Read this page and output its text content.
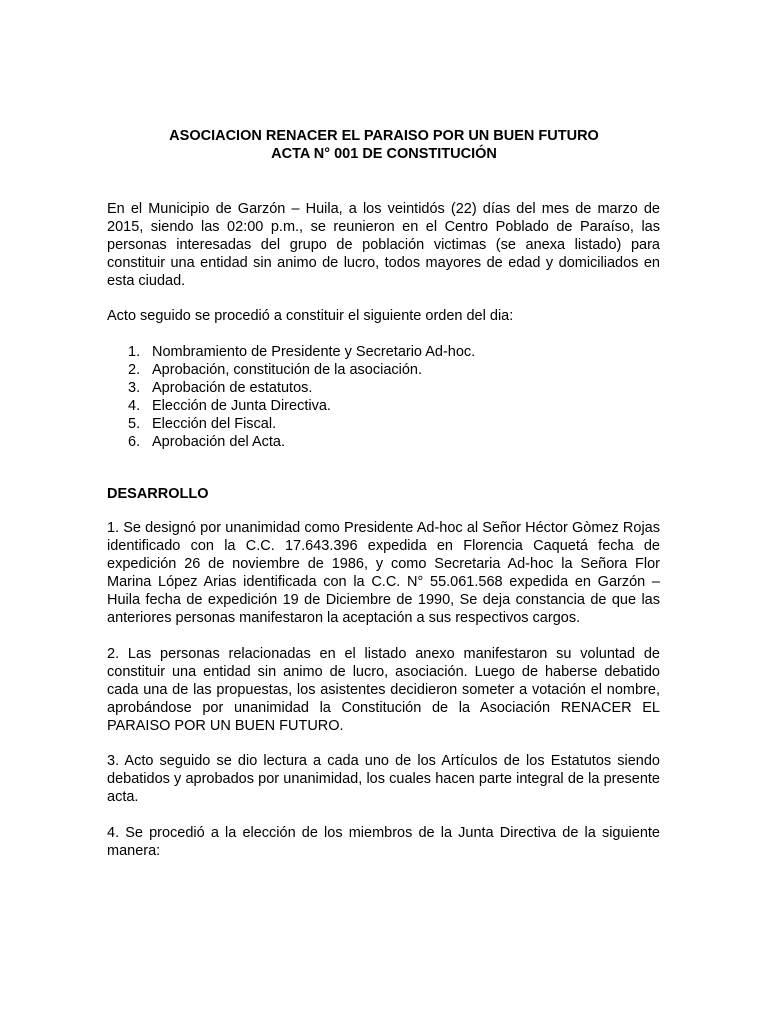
ASOCIACION RENACER EL PARAISO POR UN BUEN FUTURO
ACTA N° 001 DE CONSTITUCIÓN
En el Municipio de Garzón – Huila, a los veintidós (22) días del mes de marzo de 2015, siendo las 02:00 p.m., se reunieron en el Centro Poblado de Paraíso, las personas interesadas del grupo de población victimas (se anexa listado) para constituir una entidad sin animo de lucro, todos mayores de edad y domiciliados en esta ciudad.
Acto seguido se procedió a constituir el siguiente orden del dia:
1. Nombramiento de Presidente y Secretario Ad-hoc.
2. Aprobación, constitución de la asociación.
3. Aprobación de estatutos.
4. Elección de Junta Directiva.
5. Elección del Fiscal.
6. Aprobación del Acta.
DESARROLLO
1. Se designó por unanimidad como Presidente Ad-hoc al Señor Héctor Gòmez Rojas identificado con la C.C. 17.643.396 expedida en Florencia Caquetá fecha de expedición 26 de noviembre de 1986, y como Secretaria Ad-hoc la Señora Flor Marina López Arias identificada con la C.C. N° 55.061.568 expedida en Garzón – Huila fecha de expedición 19 de Diciembre de 1990, Se deja constancia de que las anteriores personas manifestaron la aceptación a sus respectivos cargos.
2. Las personas relacionadas en el listado anexo manifestaron su voluntad de constituir una entidad sin animo de lucro, asociación. Luego de haberse debatido cada una de las propuestas, los asistentes decidieron someter a votación el nombre, aprobándose por unanimidad la Constitución de la Asociación RENACER EL PARAISO POR UN BUEN FUTURO.
3. Acto seguido se dio lectura a cada uno de los Artículos de los Estatutos siendo debatidos y aprobados por unanimidad, los cuales hacen parte integral de la presente acta.
4. Se procedió a la elección de los miembros de la Junta Directiva de la siguiente manera:
